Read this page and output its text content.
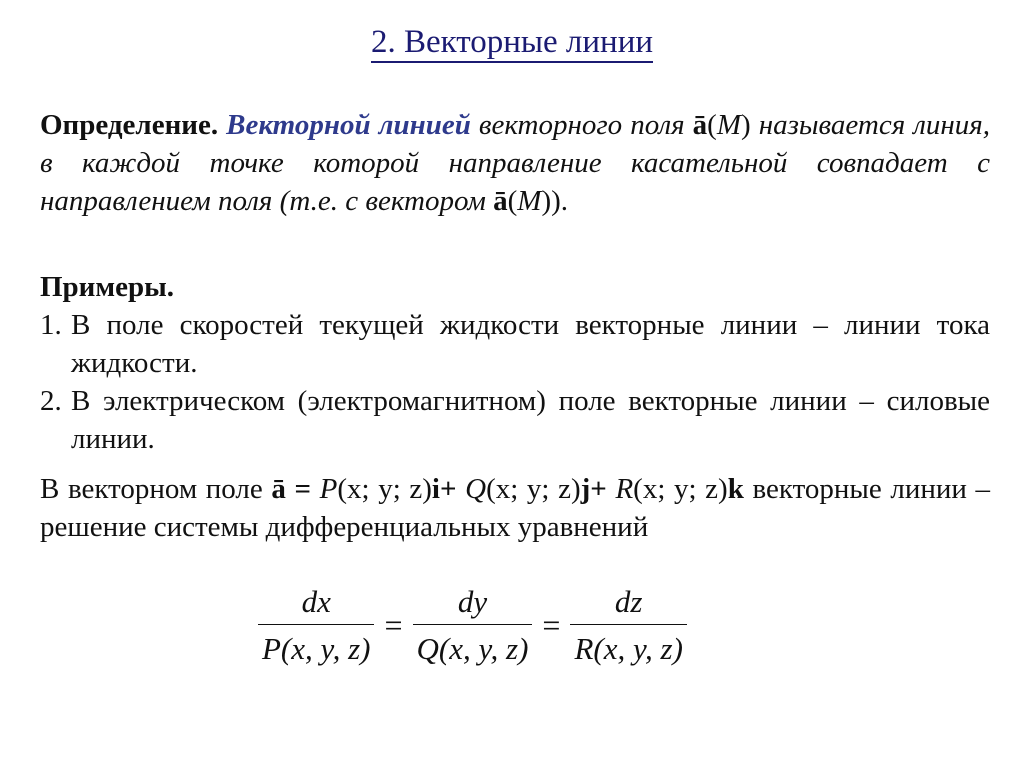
2. Векторные линии
Определение. Векторной линией векторного поля ā(M) называется линия, в каждой точке которой направление касательной совпадает с направлением поля (т.е. с вектором ā(M)).
Примеры.
1. В поле скоростей текущей жидкости векторные линии – линии тока жидкости.
2. В электрическом (электромагнитном) поле векторные линии – силовые линии.
В векторном поле ā = P(x; y; z)i+ Q(x; y; z)j+ R(x; y; z)k векторные линии – решение системы дифференциальных уравнений
$\frac{dx}{P(x, y, z)} = \frac{dy}{Q(x, y, z)} = \frac{dz}{R(x, y, z)}$
